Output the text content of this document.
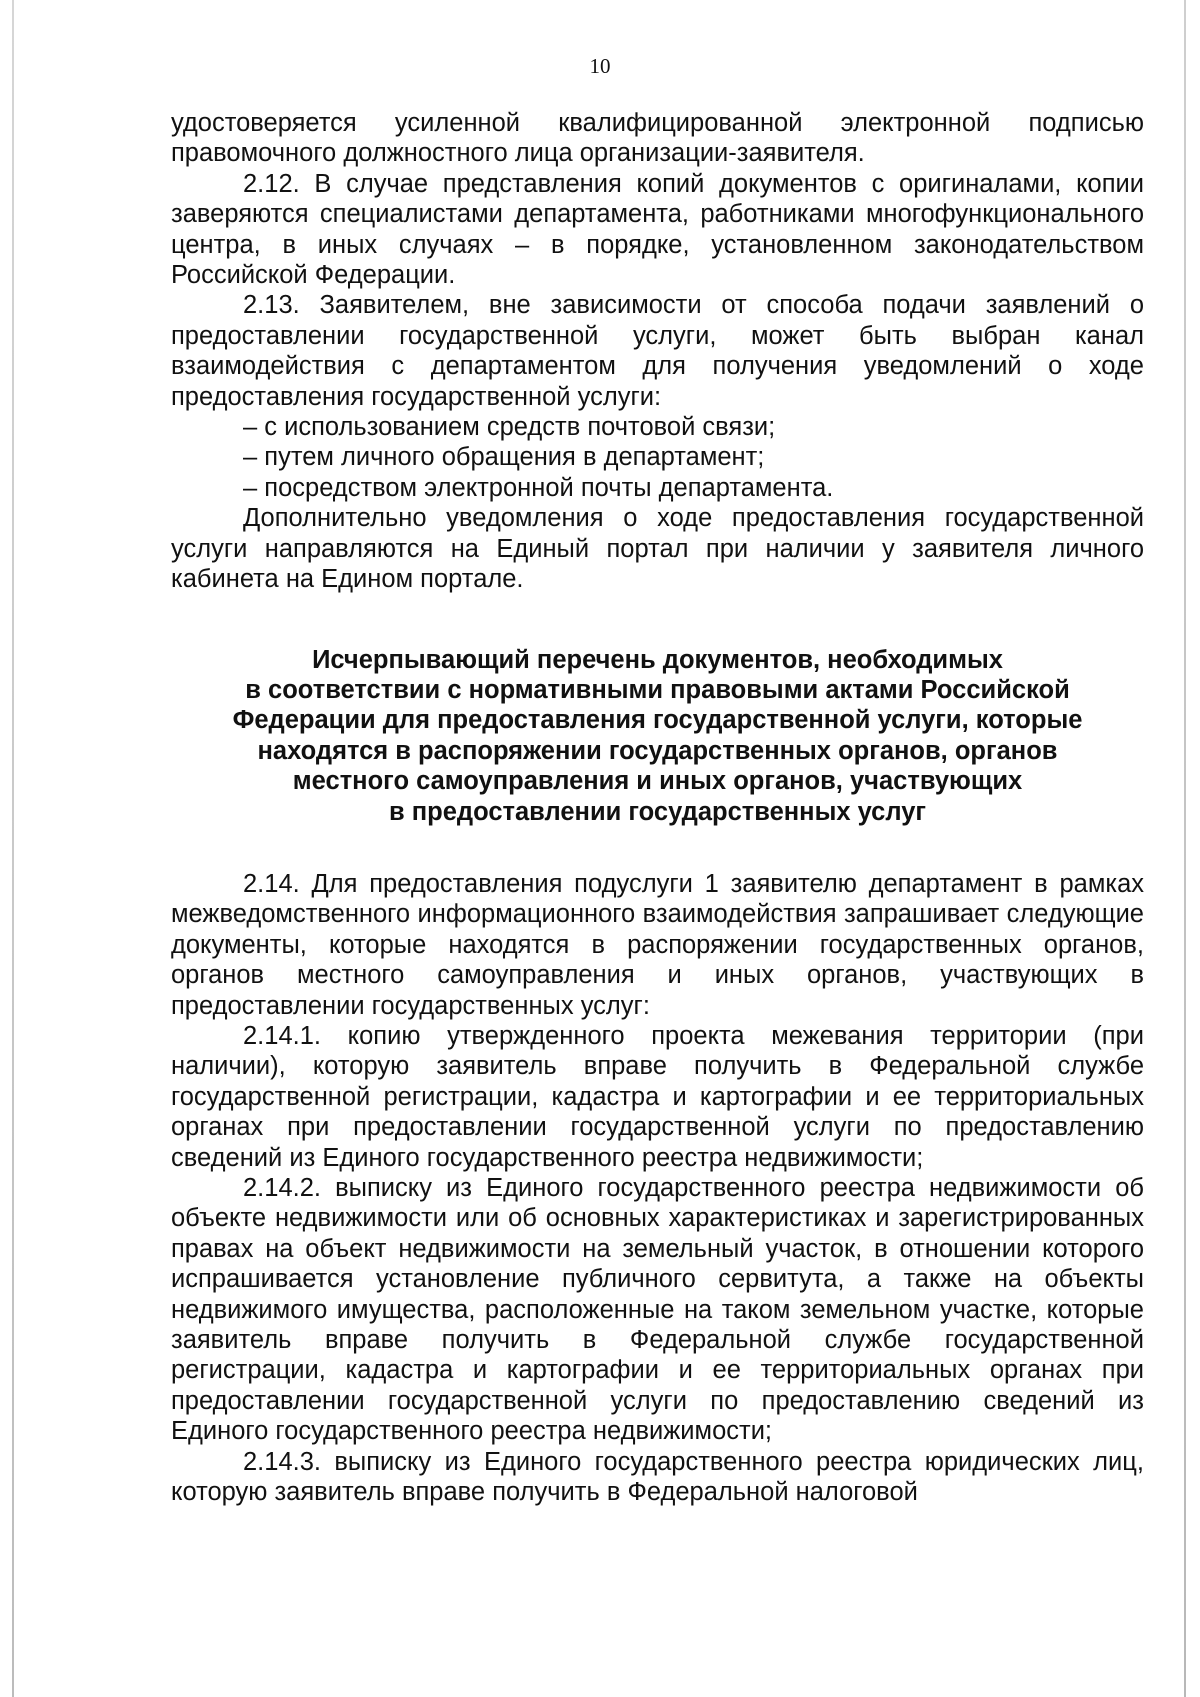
10

удостоверяется усиленной квалифицированной электронной подписью правомочного должностного лица организации-заявителя.

2.12. В случае представления копий документов с оригиналами, копии заверяются специалистами департамента, работниками многофункционального центра, в иных случаях – в порядке, установленном законодательством Российской Федерации.

2.13. Заявителем, вне зависимости от способа подачи заявлений о предоставлении государственной услуги, может быть выбран канал взаимодействия с департаментом для получения уведомлений о ходе предоставления государственной услуги:

– с использованием средств почтовой связи;

– путем личного обращения в департамент;

– посредством электронной почты департамента.

Дополнительно уведомления о ходе предоставления государственной услуги направляются на Единый портал при наличии у заявителя личного кабинета на Едином портале.

Исчерпывающий перечень документов, необходимых
в соответствии с нормативными правовыми актами Российской
Федерации для предоставления государственной услуги, которые
находятся в распоряжении государственных органов, органов
местного самоуправления и иных органов, участвующих
в предоставлении государственных услуг

2.14. Для предоставления подуслуги 1 заявителю департамент в рамках межведомственного информационного взаимодействия запрашивает следующие документы, которые находятся в распоряжении государственных органов, органов местного самоуправления и иных органов, участвующих в предоставлении государственных услуг:

2.14.1. копию утвержденного проекта межевания территории (при наличии), которую заявитель вправе получить в Федеральной службе государственной регистрации, кадастра и картографии и ее территориальных органах при предоставлении государственной услуги по предоставлению сведений из Единого государственного реестра недвижимости;

2.14.2. выписку из Единого государственного реестра недвижимости об объекте недвижимости или об основных характеристиках и зарегистрированных правах на объект недвижимости на земельный участок, в отношении которого испрашивается установление публичного сервитута, а также на объекты недвижимого имущества, расположенные на таком земельном участке, которые заявитель вправе получить в Федеральной службе государственной регистрации, кадастра и картографии и ее территориальных органах при предоставлении государственной услуги по предоставлению сведений из Единого государственного реестра недвижимости;

2.14.3. выписку из Единого государственного реестра юридических лиц, которую заявитель вправе получить в Федеральной налоговой
